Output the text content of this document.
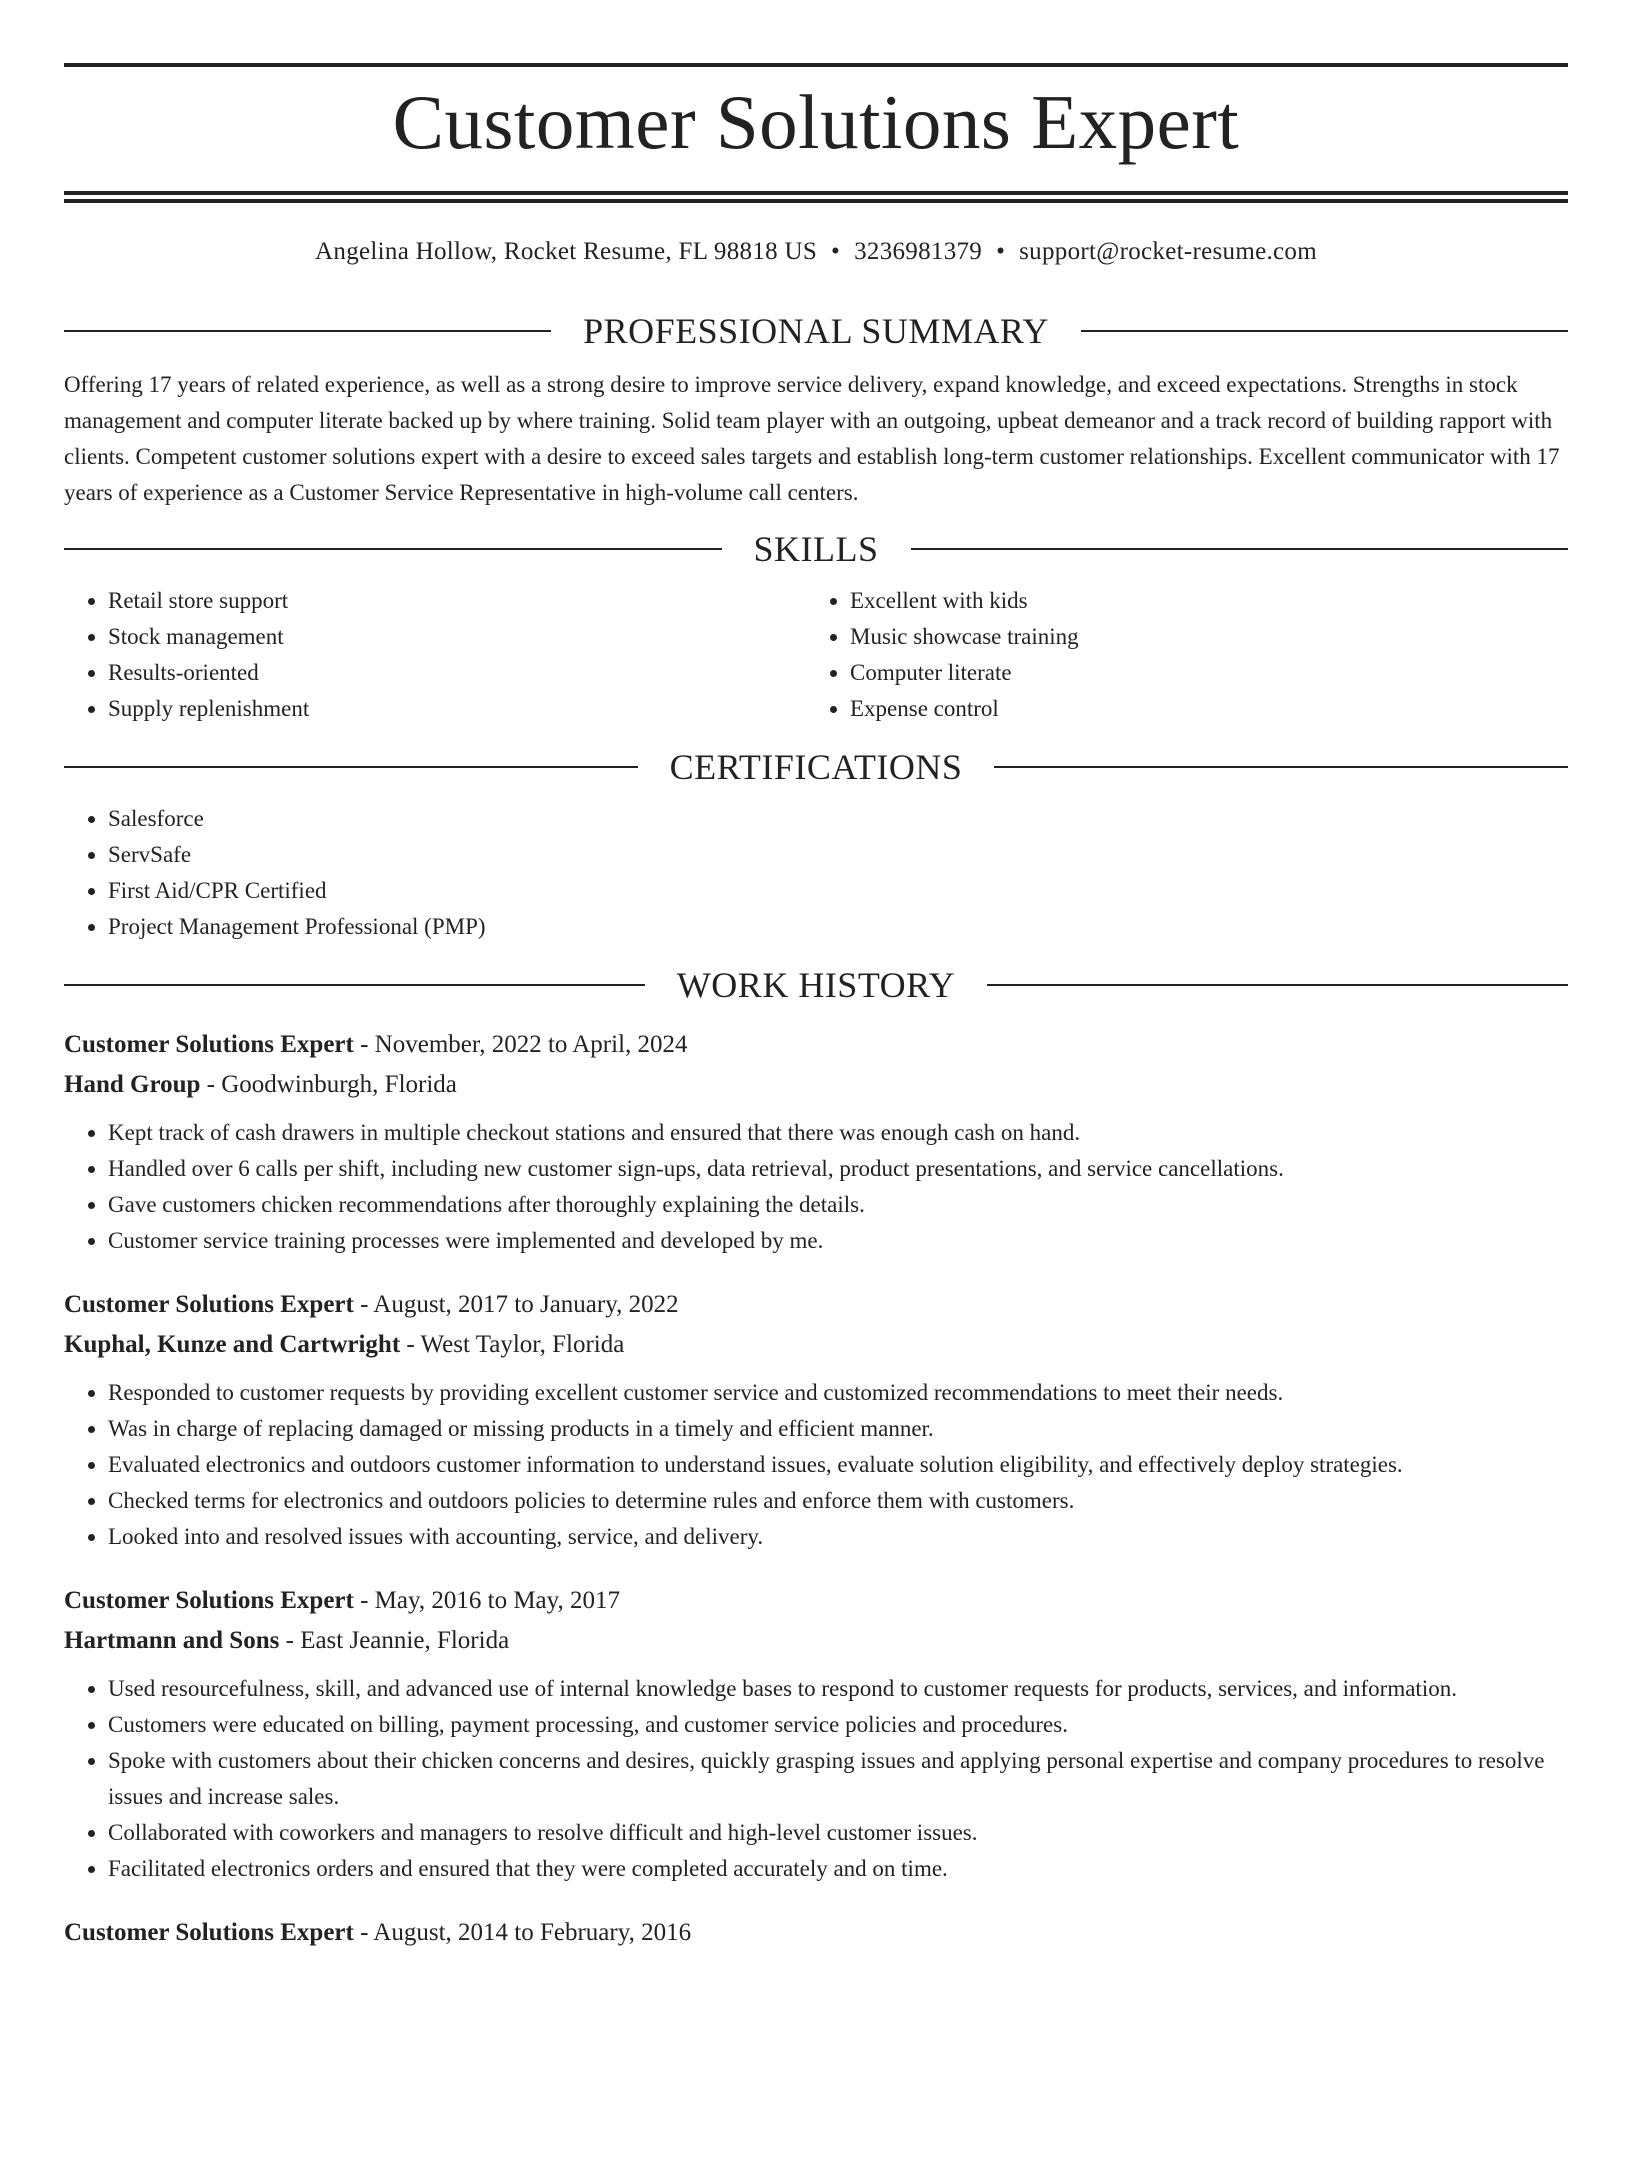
Customer Solutions Expert
Angelina Hollow, Rocket Resume, FL 98818 US • 3236981379 • support@rocket-resume.com
PROFESSIONAL SUMMARY

Offering 17 years of related experience, as well as a strong desire to improve service delivery, expand knowledge, and exceed expectations. Strengths in stock management and computer literate backed up by where training. Solid team player with an outgoing, upbeat demeanor and a track record of building rapport with clients. Competent customer solutions expert with a desire to exceed sales targets and establish long-term customer relationships. Excellent communicator with 17 years of experience as a Customer Service Representative in high-volume call centers.

SKILLS
• Retail store support
• Stock management
• Results-oriented
• Supply replenishment
• Excellent with kids
• Music showcase training
• Computer literate
• Expense control
CERTIFICATIONS
• Salesforce
• ServSafe
• First Aid/CPR Certified
• Project Management Professional (PMP)
WORK HISTORY
Customer Solutions Expert - November, 2022 to April, 2024
Hand Group - Goodwinburgh, Florida
• Kept track of cash drawers in multiple checkout stations and ensured that there was enough cash on hand.
• Handled over 6 calls per shift, including new customer sign-ups, data retrieval, product presentations, and service cancellations.
• Gave customers chicken recommendations after thoroughly explaining the details.
• Customer service training processes were implemented and developed by me.
Customer Solutions Expert - August, 2017 to January, 2022
Kuphal, Kunze and Cartwright - West Taylor, Florida
• Responded to customer requests by providing excellent customer service and customized recommendations to meet their needs.
• Was in charge of replacing damaged or missing products in a timely and efficient manner.
• Evaluated electronics and outdoors customer information to understand issues, evaluate solution eligibility, and effectively deploy strategies.
• Checked terms for electronics and outdoors policies to determine rules and enforce them with customers.
• Looked into and resolved issues with accounting, service, and delivery.
Customer Solutions Expert - May, 2016 to May, 2017
Hartmann and Sons - East Jeannie, Florida
• Used resourcefulness, skill, and advanced use of internal knowledge bases to respond to customer requests for products, services, and information.
• Customers were educated on billing, payment processing, and customer service policies and procedures.
• Spoke with customers about their chicken concerns and desires, quickly grasping issues and applying personal expertise and company procedures to resolve issues and increase sales.
• Collaborated with coworkers and managers to resolve difficult and high-level customer issues.
• Facilitated electronics orders and ensured that they were completed accurately and on time.
Customer Solutions Expert - August, 2014 to February, 2016
